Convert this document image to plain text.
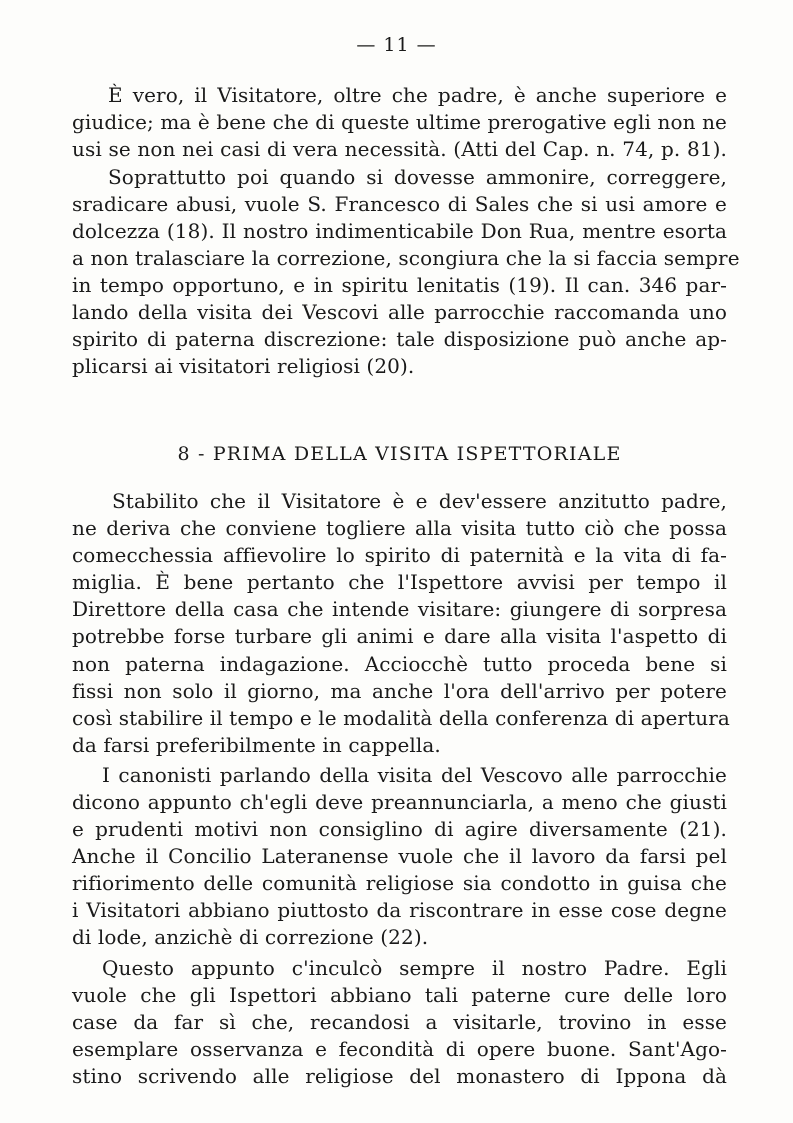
— 11 —
È vero, il Visitatore, oltre che padre, è anche superiore e
giudice; ma è bene che di queste ultime prerogative egli non ne
usi se non nei casi di vera necessità. (Atti del Cap. n. 74, p. 81).
Soprattutto poi quando si dovesse ammonire, correggere,
sradicare abusi, vuole S. Francesco di Sales che si usi amore e
dolcezza (18). Il nostro indimenticabile Don Rua, mentre esorta
a non tralasciare la correzione, scongiura che la si faccia sempre
in tempo opportuno, e in spiritu lenitatis (19). Il can. 346 par-
lando della visita dei Vescovi alle parrocchie raccomanda uno
spirito di paterna discrezione: tale disposizione può anche ap-
plicarsi ai visitatori religiosi (20).
8 - PRIMA DELLA VISITA ISPETTORIALE
Stabilito che il Visitatore è e dev'essere anzitutto padre,
ne deriva che conviene togliere alla visita tutto ciò che possa
comecchessia affievolire lo spirito di paternità e la vita di fa-
miglia. È bene pertanto che l'Ispettore avvisi per tempo il
Direttore della casa che intende visitare: giungere di sorpresa
potrebbe forse turbare gli animi e dare alla visita l'aspetto di
non paterna indagazione. Acciocchè tutto proceda bene si
fissi non solo il giorno, ma anche l'ora dell'arrivo per potere
così stabilire il tempo e le modalità della conferenza di apertura
da farsi preferibilmente in cappella.
I canonisti parlando della visita del Vescovo alle parrocchie
dicono appunto ch'egli deve preannunciarla, a meno che giusti
e prudenti motivi non consiglino di agire diversamente (21).
Anche il Concilio Lateranense vuole che il lavoro da farsi pel
rifiorimento delle comunità religiose sia condotto in guisa che
i Visitatori abbiano piuttosto da riscontrare in esse cose degne
di lode, anzichè di correzione (22).
Questo appunto c'inculcò sempre il nostro Padre. Egli
vuole che gli Ispettori abbiano tali paterne cure delle loro
case da far sì che, recandosi a visitarle, trovino in esse
esemplare osservanza e fecondità di opere buone. Sant'Ago-
stino scrivendo alle religiose del monastero di Ippona dà
